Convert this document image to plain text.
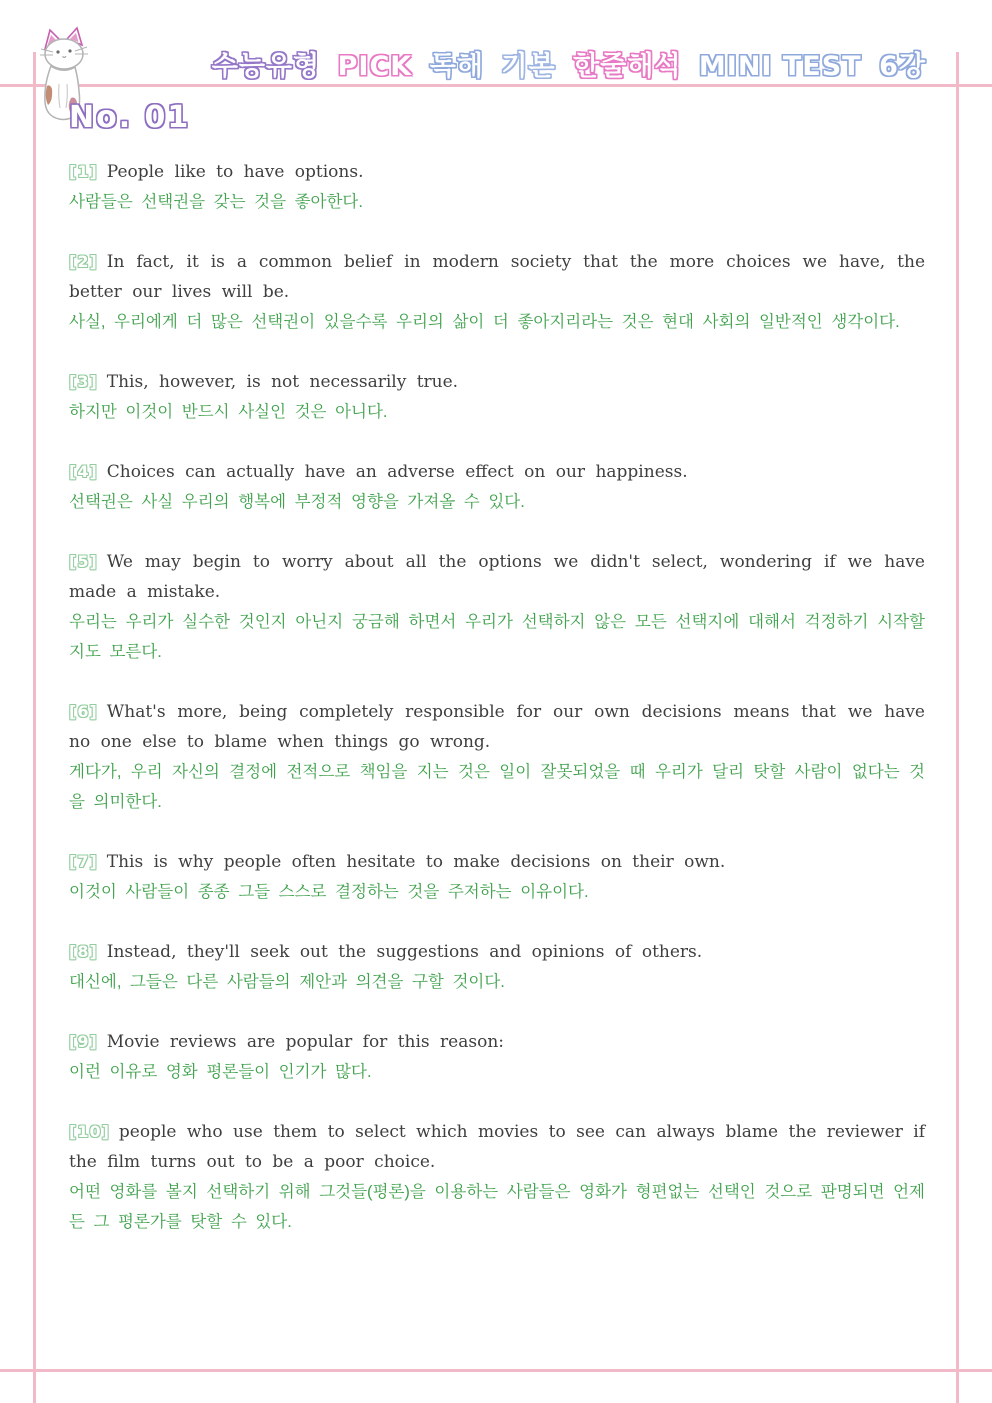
수능유형 PICK 독해 기본 한줄해석 MINI TEST 6강
No. 01

[1] People like to have options.

사람들은 선택권을 갖는 것을 좋아한다.

[2] In fact, it is a common belief in modern society that the more choices we have, the better our lives will be.

사실, 우리에게 더 많은 선택권이 있을수록 우리의 삶이 더 좋아지리라는 것은 현대 사회의 일반적인 생각이다.

[3] This, however, is not necessarily true.

하지만 이것이 반드시 사실인 것은 아니다.

[4] Choices can actually have an adverse effect on our happiness.

선택권은 사실 우리의 행복에 부정적 영향을 가져올 수 있다.

[5] We may begin to worry about all the options we didn't select, wondering if we have made a mistake.

우리는 우리가 실수한 것인지 아닌지 궁금해 하면서 우리가 선택하지 않은 모든 선택지에 대해서 걱정하기 시작할지도 모른다.

[6] What's more, being completely responsible for our own decisions means that we have no one else to blame when things go wrong.

게다가, 우리 자신의 결정에 전적으로 책임을 지는 것은 일이 잘못되었을 때 우리가 달리 탓할 사람이 없다는 것을 의미한다.

[7] This is why people often hesitate to make decisions on their own.

이것이 사람들이 종종 그들 스스로 결정하는 것을 주저하는 이유이다.

[8] Instead, they'll seek out the suggestions and opinions of others.

대신에, 그들은 다른 사람들의 제안과 의견을 구할 것이다.

[9] Movie reviews are popular for this reason:

이런 이유로 영화 평론들이 인기가 많다.

[10] people who use them to select which movies to see can always blame the reviewer if the film turns out to be a poor choice.

어떤 영화를 볼지 선택하기 위해 그것들(평론)을 이용하는 사람들은 영화가 형편없는 선택인 것으로 판명되면 언제든 그 평론가를 탓할 수 있다.
